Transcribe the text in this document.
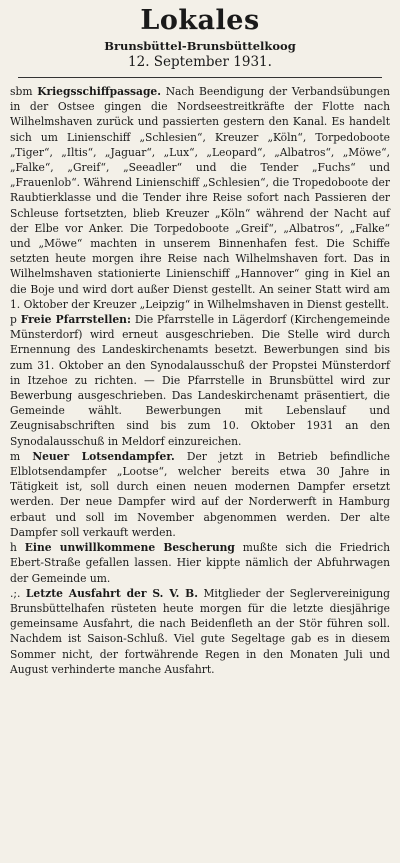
Lokales
Brunsbüttel-Brunsbüttelkoog
12. September 1931.

sbm Kriegsschiffpassage. Nach Beendigung der Verbandsübungen in der Ostsee gingen die Nordseestreitkräfte der Flotte nach Wilhelmshaven zurück und passierten gestern den Kanal. Es handelt sich um Linienschiff „Schlesien“, Kreuzer „Köln“, Torpedoboote „Tiger“, „Iltis“, „Jaguar“, „Lux“, „Leopard“, „Albatros“, „Möwe“, „Falke“, „Greif“, „Seeadler“ und die Tender „Fuchs“ und „Frauenlob“. Während Linienschiff „Schlesien“, die Tropedoboote der Raubtierklasse und die Tender ihre Reise sofort nach Passieren der Schleuse fortsetzten, blieb Kreuzer „Köln“ während der Nacht auf der Elbe vor Anker. Die Torpedoboote „Greif“, „Albatros“, „Falke“ und „Möwe“ machten in unserem Binnenhafen fest. Die Schiffe setzten heute morgen ihre Reise nach Wilhelmshaven fort. Das in Wilhelmshaven stationierte Linienschiff „Hannover“ ging in Kiel an die Boje und wird dort außer Dienst gestellt. An seiner Statt wird am 1. Oktober der Kreuzer „Leipzig“ in Wilhelmshaven in Dienst gestellt.

p Freie Pfarrstellen: Die Pfarrstelle in Lägerdorf (Kirchengemeinde Münsterdorf) wird erneut ausgeschrieben. Die Stelle wird durch Ernennung des Landeskirchenamts besetzt. Bewerbungen sind bis zum 31. Oktober an den Synodalausschuß der Propstei Münsterdorf in Itzehoe zu richten. — Die Pfarrstelle in Brunsbüttel wird zur Bewerbung ausgeschrieben. Das Landeskirchenamt präsentiert, die Gemeinde wählt. Bewerbungen mit Lebenslauf und Zeugnisabschriften sind bis zum 10. Oktober 1931 an den Synodalausschuß in Meldorf einzureichen.

m Neuer Lotsendampfer. Der jetzt in Betrieb befindliche Elblotsendampfer „Lootse“, welcher bereits etwa 30 Jahre in Tätigkeit ist, soll durch einen neuen modernen Dampfer ersetzt werden. Der neue Dampfer wird auf der Norderwerft in Hamburg erbaut und soll im November abgenommen werden. Der alte Dampfer soll verkauft werden.

h Eine unwillkommene Bescherung mußte sich die Friedrich Ebert-Straße gefallen lassen. Hier kippte nämlich der Abfuhrwagen der Gemeinde um.

.;. Letzte Ausfahrt der S. V. B. Mitglieder der Seglervereinigung Brunsbüttelhafen rüsteten heute morgen für die letzte diesjährige gemeinsame Ausfahrt, die nach Beidenfleth an der Stör führen soll. Nachdem ist Saison-Schluß. Viel gute Segeltage gab es in diesem Sommer nicht, der fortwährende Regen in den Monaten Juli und August verhinderte manche Ausfahrt.
